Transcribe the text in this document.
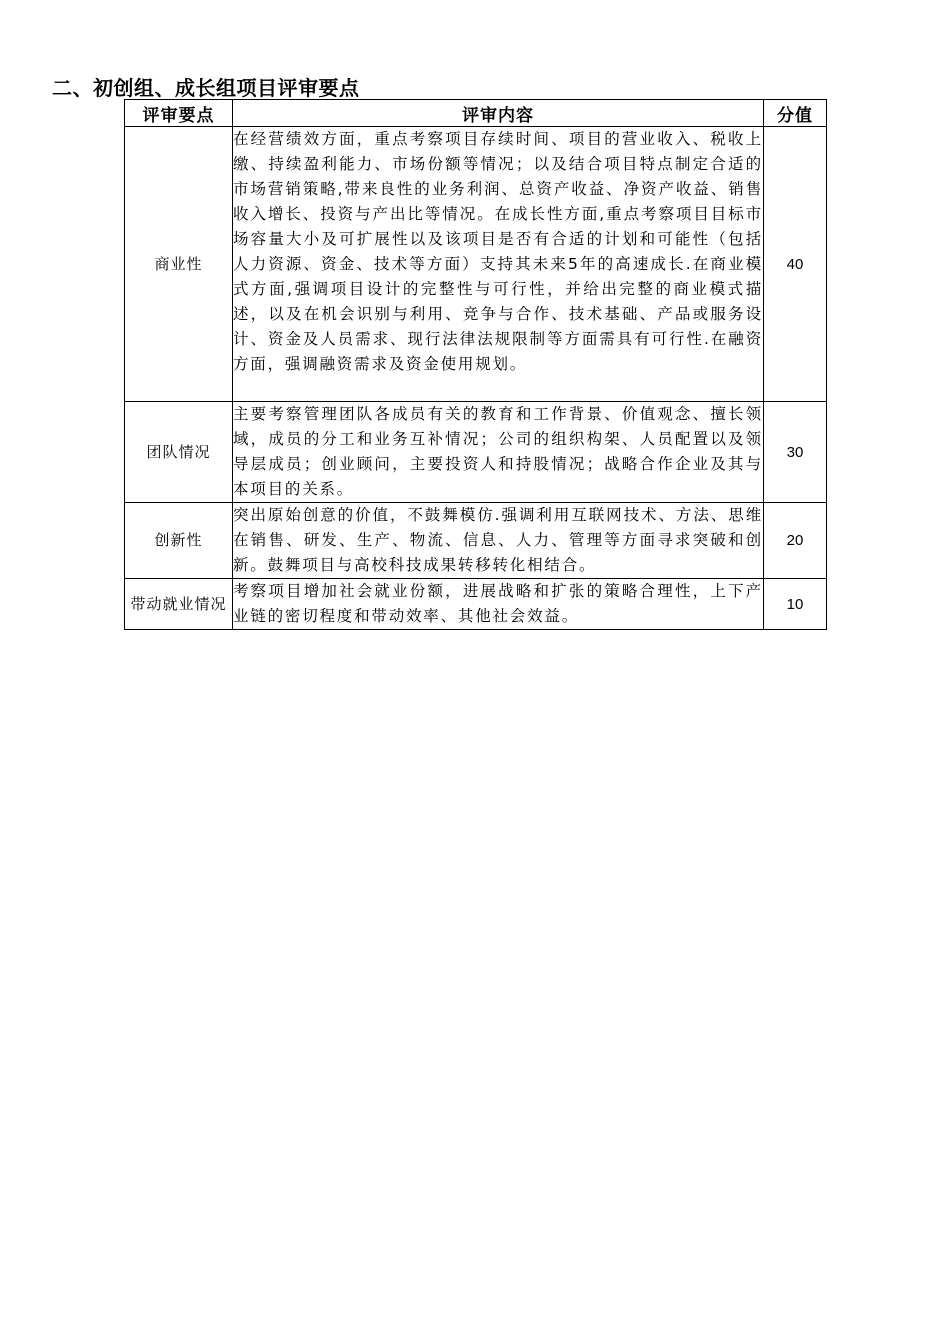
二、初创组、成长组项目评审要点
评审要点	评审内容	分值
商业性	在经营绩效方面，重点考察项目存续时间、项目的营业收入、税收上缴、持续盈利能力、市场份额等情况；以及结合项目特点制定合适的市场营销策略,带来良性的业务利润、总资产收益、净资产收益、销售收入增长、投资与产出比等情况。在成长性方面,重点考察项目目标市场容量大小及可扩展性以及该项目是否有合适的计划和可能性（包括人力资源、资金、技术等方面）支持其未来5年的高速成长.在商业模式方面,强调项目设计的完整性与可行性，并给出完整的商业模式描述，以及在机会识别与利用、竞争与合作、技术基础、产品或服务设计、资金及人员需求、现行法律法规限制等方面需具有可行性.在融资方面，强调融资需求及资金使用规划。	40
团队情况	主要考察管理团队各成员有关的教育和工作背景、价值观念、擅长领域，成员的分工和业务互补情况；公司的组织构架、人员配置以及领导层成员；创业顾问，主要投资人和持股情况；战略合作企业及其与本项目的关系。	30
创新性	突出原始创意的价值，不鼓舞模仿.强调利用互联网技术、方法、思维在销售、研发、生产、物流、信息、人力、管理等方面寻求突破和创新。鼓舞项目与高校科技成果转移转化相结合。	20
带动就业情况	考察项目增加社会就业份额，进展战略和扩张的策略合理性，上下产业链的密切程度和带动效率、其他社会效益。	10
